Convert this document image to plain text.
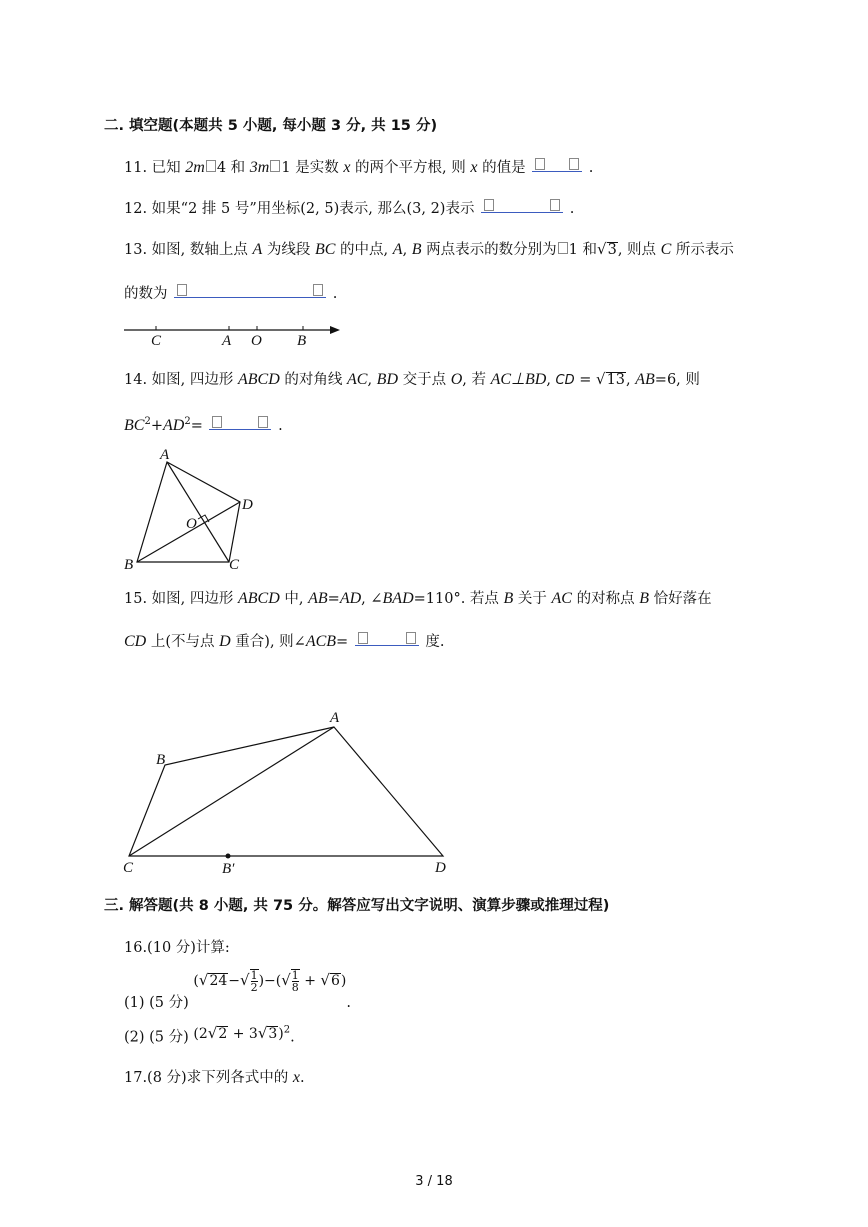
二. 填空题(本题共 5 小题, 每小题 3 分, 共 15 分)
11. 已知 2m 4 和 3m 1 是实数 x 的两个平方根, 则 x 的值是	.
12. 如果“2 排 5 号”用坐标(2, 5)表示, 那么(3, 2)表示	.
13. 如图, 数轴上点 A 为线段 BC 的中点, A, B 两点表示的数分别为 1 和√3, 则点 C 所示表示
的数为	.
C	A O B
14. 如图, 四边形 ABCD 的对角线 AC, BD 交于点 O, 若 AC⊥BD, CD = √13, AB=6, 则
$BC^2+AD^2=$	.
A
D
O
B	C
15. 如图, 四边形 ABCD 中, AB=AD, ∠BAD=110°. 若点 B 关于 AC 的对称点 B 恰好落在
CD 上(不与点 D 重合), 则∠ACB=	度.
A
B
C	B′	D
三. 解答题(共 8 小题, 共 75 分。解答应写出文字说明、演算步骤或推理过程)
16.(10 分)计算:
(1) (5 分) ($√24-√ \frac{1}{2}$ )−(√ $\frac{1}{8} + √6$).
(2) (5 分) $(2√2 + 3√3)^2$.
17.(8 分)求下列各式中的 x.
3 / 18
